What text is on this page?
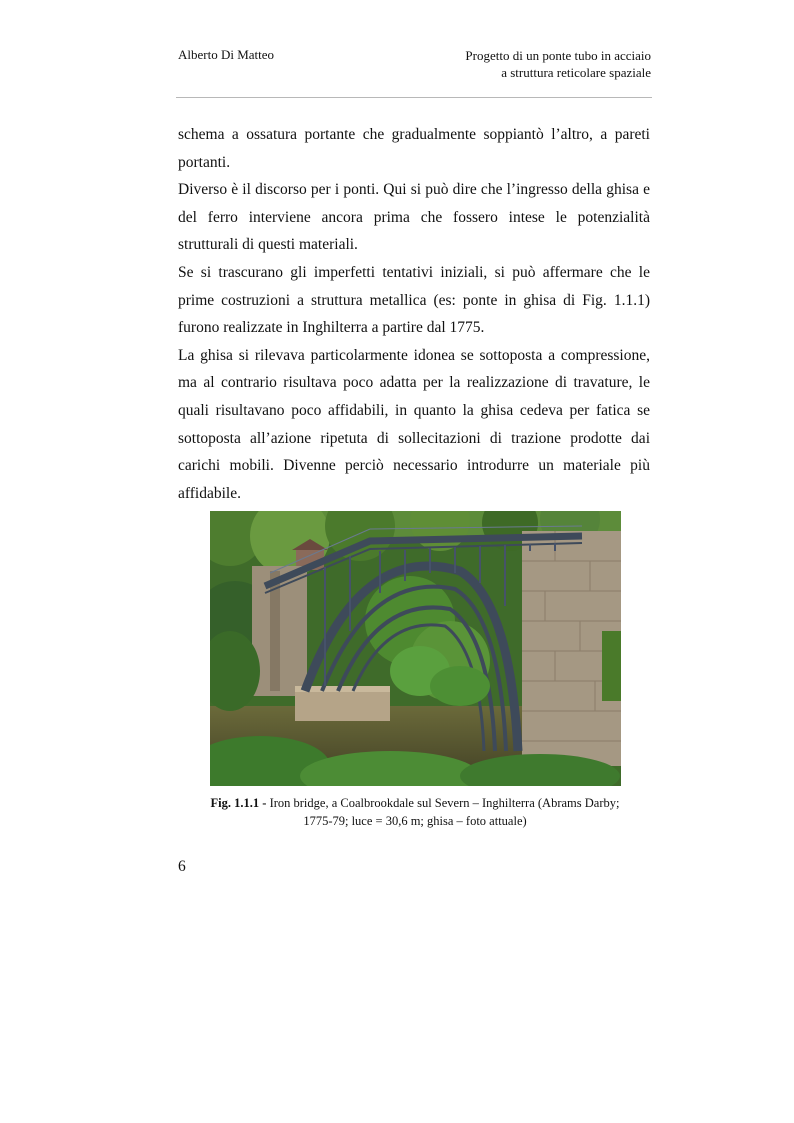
Alberto Di Matteo	Progetto di un ponte tubo in acciaio
a struttura reticolare spaziale

schema a ossatura portante che gradualmente soppiantò l’altro, a pareti portanti.

Diverso è il discorso per i ponti. Qui si può dire che l’ingresso della ghisa e del ferro interviene ancora prima che fossero intese le potenzialità strutturali di questi materiali.

Se si trascurano gli imperfetti tentativi iniziali, si può affermare che le prime costruzioni a struttura metallica (es: ponte in ghisa di Fig. 1.1.1) furono realizzate in Inghilterra a partire dal 1775.

La ghisa si rilevava particolarmente idonea se sottoposta a compressione, ma al contrario risultava poco adatta per la realizzazione di travature, le quali risultavano poco affidabili, in quanto la ghisa cedeva per fatica se sottoposta all’azione ripetuta di sollecitazioni di trazione prodotte dai carichi mobili. Divenne perciò necessario introdurre un materiale più affidabile.

Fig. 1.1.1 - Iron bridge, a Coalbrookdale sul Severn – Inghilterra (Abrams Darby; 1775-79; luce = 30,6 m; ghisa – foto attuale)
6
